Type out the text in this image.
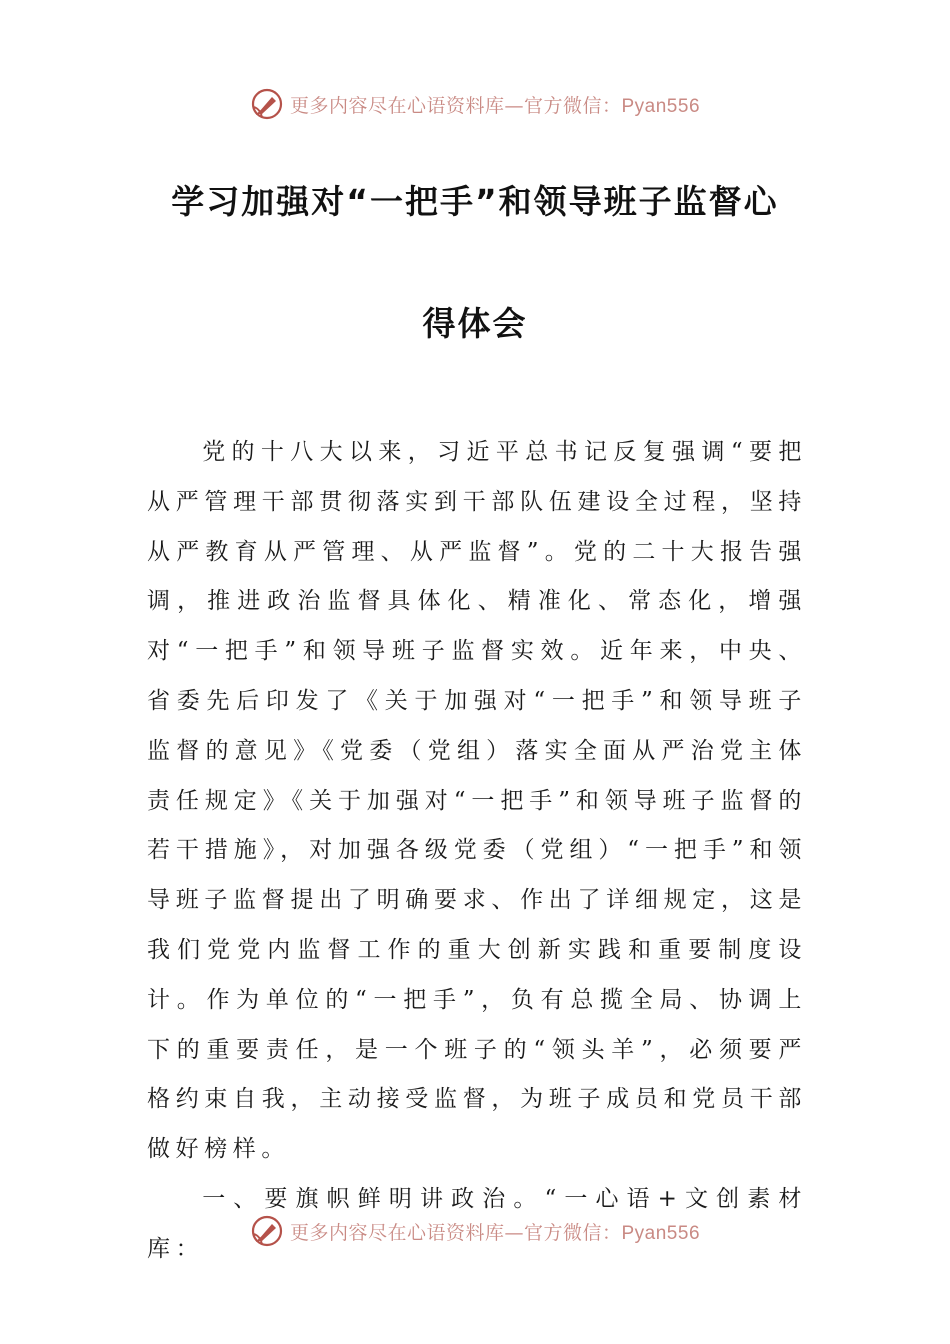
更多内容尽在心语资料库—官方微信：Pyan556
学习加强对“一把手”和领导班子监督心
得体会

党的十八大以来，习近平总书记反复强调“要把从严管理干部贯彻落实到干部队伍建设全过程，坚持从严教育从严管理、从严监督”。党的二十大报告强调，推进政治监督具体化、精准化、常态化，增强对“一把手”和领导班子监督实效。近年来，中央、省委先后印发了《关于加强对“一把手”和领导班子监督的意见》《党委（党组）落实全面从严治党主体责任规定》《关于加强对“一把手”和领导班子监督的若干措施》，对加强各级党委（党组）“一把手”和领导班子监督提出了明确要求、作出了详细规定，这是我们党党内监督工作的重大创新实践和重要制度设计。作为单位的“一把手”，负有总揽全局、协调上下的重要责任，是一个班子的“领头羊”，必须要严格约束自我，主动接受监督，为班子成员和党员干部做好榜样。

一、要旗帜鲜明讲政治。“一心语+文创素材库：

更多内容尽在心语资料库—官方微信：Pyan556
